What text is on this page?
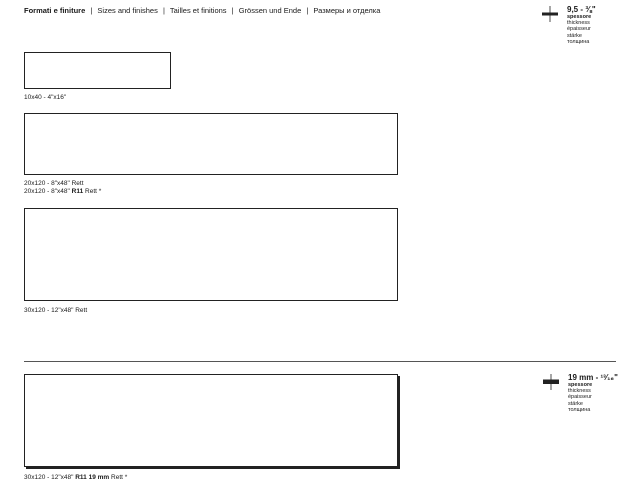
Formati e finiture | Sizes and finishes | Tailles et finitions | Grössen und Ende | Размеры и отделка	9,5 - ⅜"
spessore
thickness
épaisseur
stärke
толщина
10x40 - 4"x16"
20x120 - 8"x48" Rett
20x120 - 8"x48" R11 Rett *
30x120 - 12"x48" Rett
19 mm - ¹³⁄₁₆"
spessore
thickness
épaisseur
stärke
толщина
30x120 - 12"x48" R11 19 mm Rett *
